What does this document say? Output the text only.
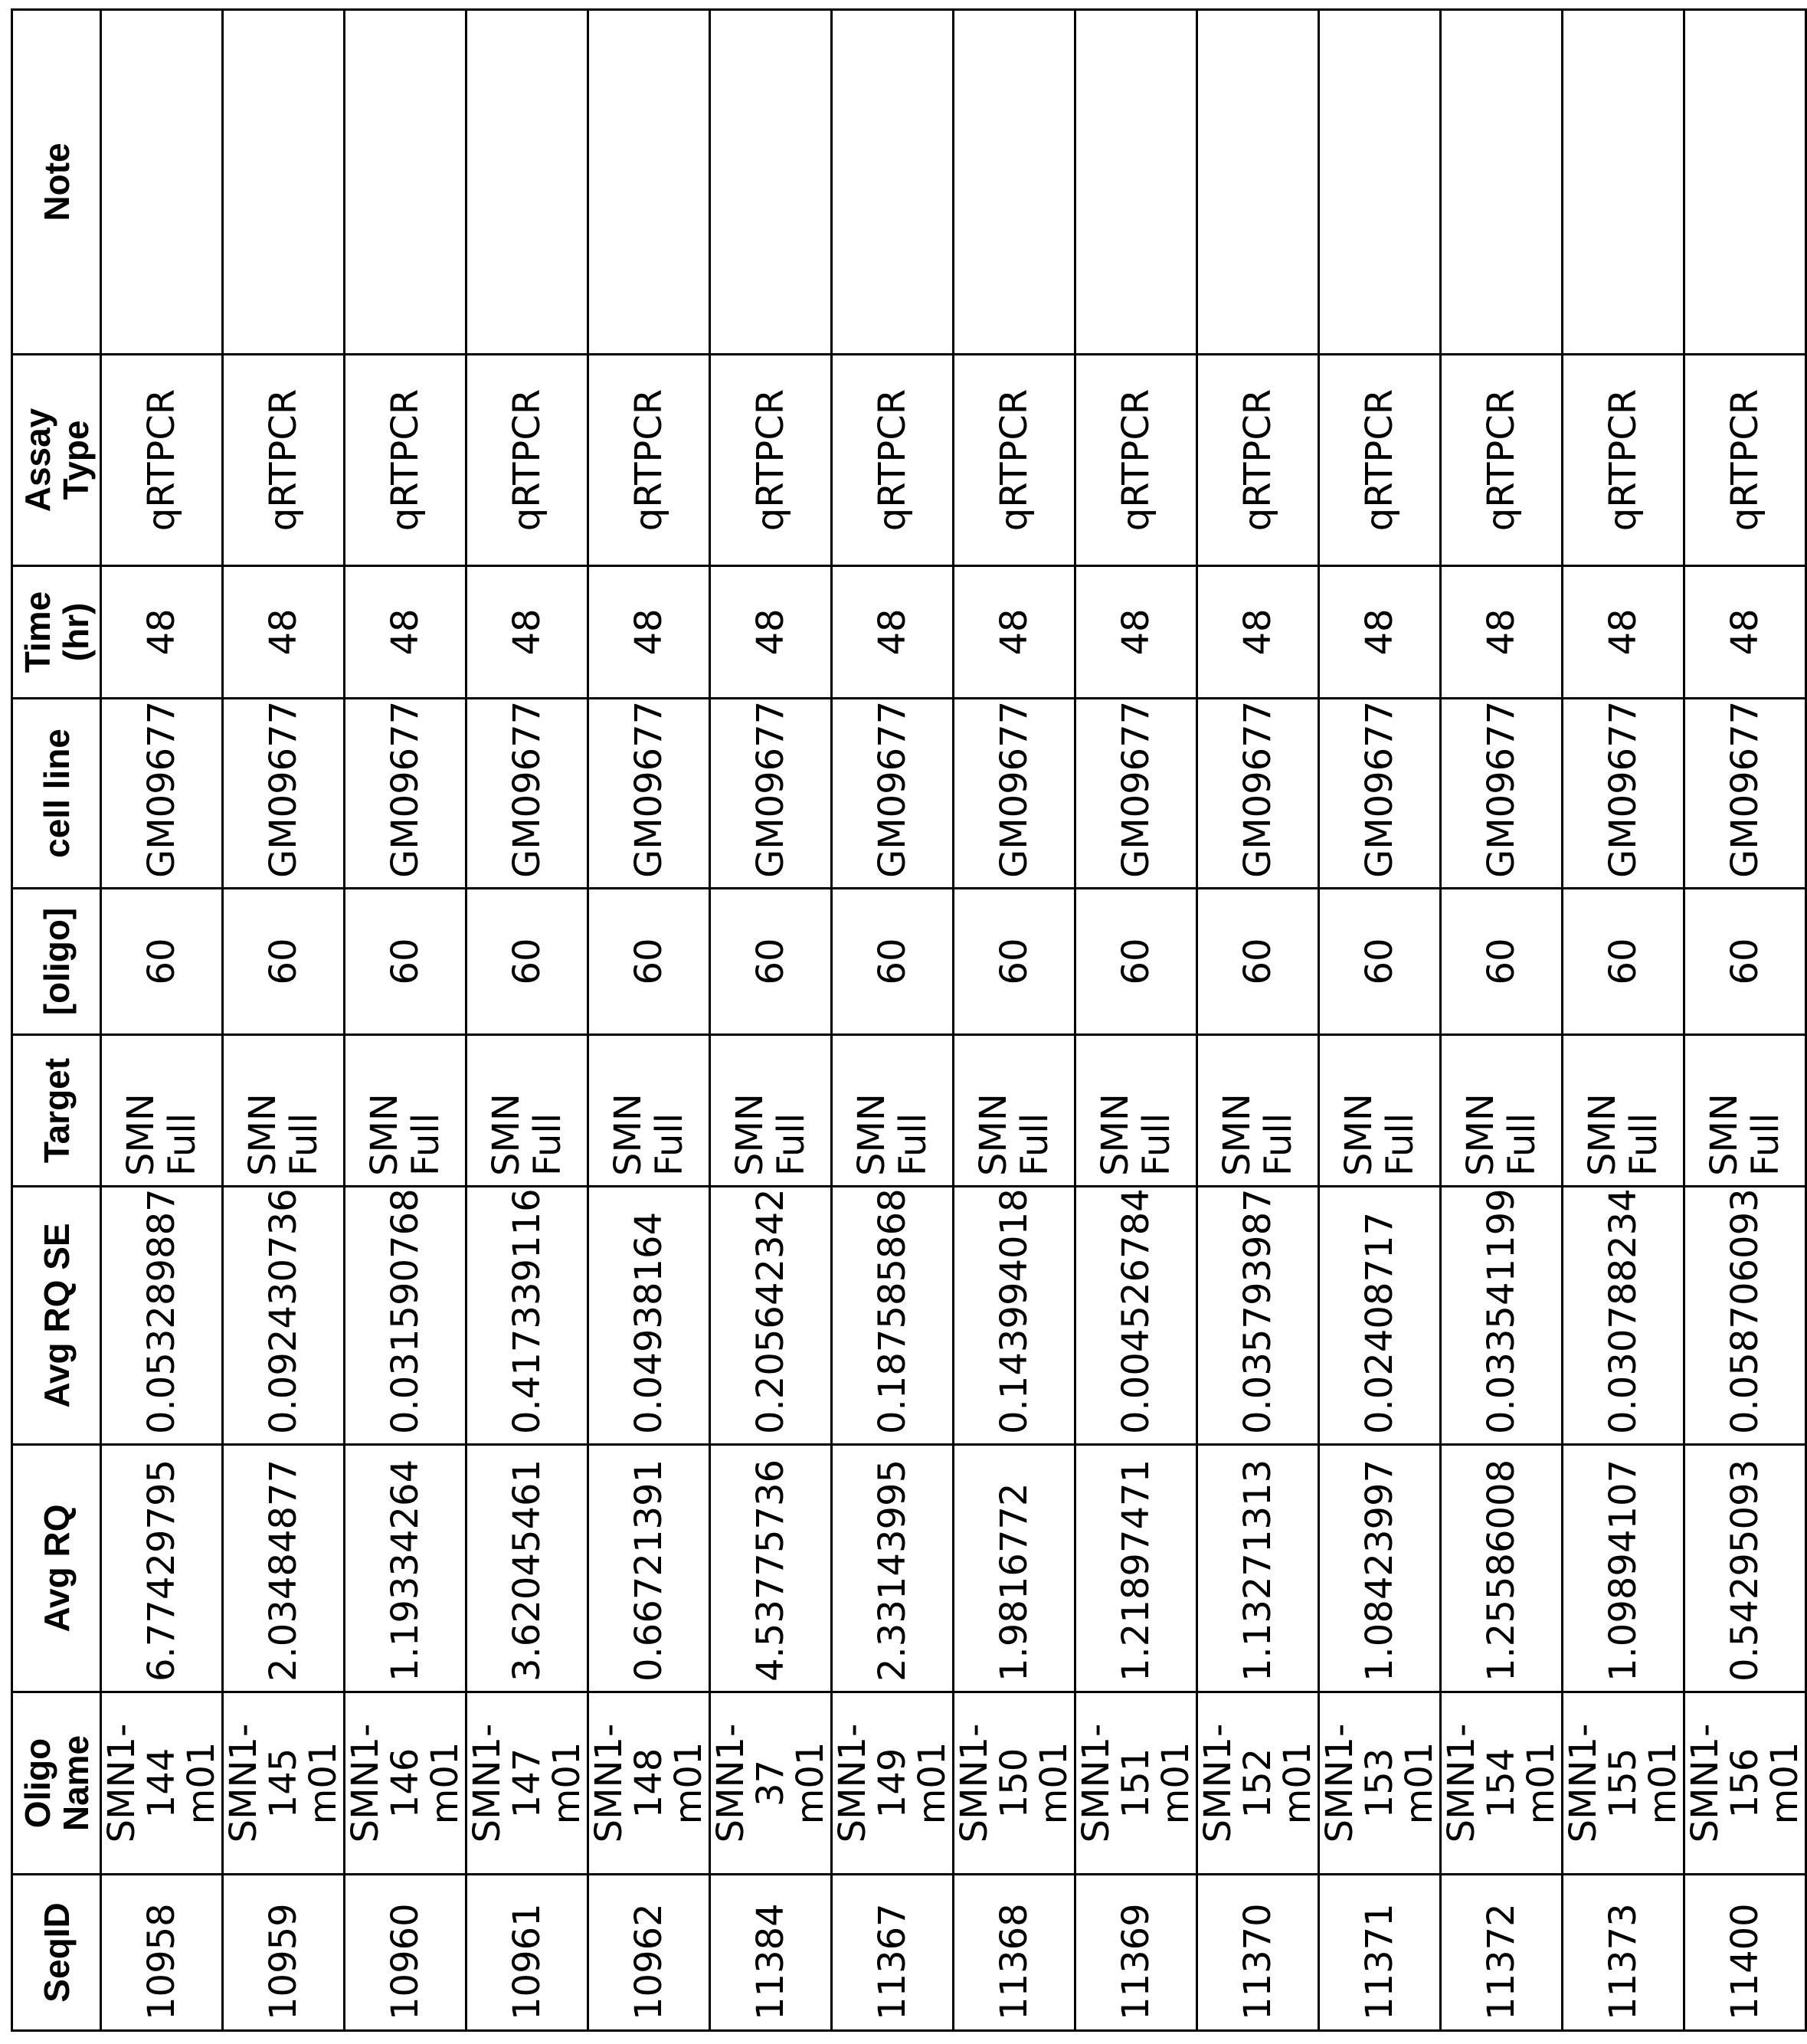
SeqID	Oligo Name	Avg RQ	Avg RQ SE	Target	[oligo]	cell line	Time (hr)	Assay Type	Note
10958	
SMN1-144
m01
	6.77429795	0.053289887	SMN Full	60	GM09677	48	qRTPCR	
10959	
SMN1-145
m01
	2.03484877	0.092430736	SMN Full	60	GM09677	48	qRTPCR	
10960	
SMN1-146
m01
	1.19334264	0.031590768	SMN Full	60	GM09677	48	qRTPCR	
10961	
SMN1-147
m01
	3.62045461	0.417339116	SMN Full	60	GM09677	48	qRTPCR	
10962	
SMN1-148
m01
	0.66721391	0.04938164	SMN Full	60	GM09677	48	qRTPCR	
11384	
SMN1-37
m01
	4.53775736	0.205642342	SMN Full	60	GM09677	48	qRTPCR	
11367	
SMN1-149
m01
	2.33143995	0.187585868	SMN Full	60	GM09677	48	qRTPCR	
11368	
SMN1-150
m01
	1.9816772	0.143994018	SMN Full	60	GM09677	48	qRTPCR	
11369	
SMN1-151
m01
	1.21897471	0.004526784	SMN Full	60	GM09677	48	qRTPCR	
11370	
SMN1-152
m01
	1.13271313	0.035793987	SMN Full	60	GM09677	48	qRTPCR	
11371	
SMN1-153
m01
	1.08423997	0.02408717	SMN Full	60	GM09677	48	qRTPCR	
11372	
SMN1-154
m01
	1.25586008	0.033541199	SMN Full	60	GM09677	48	qRTPCR	
11373	
SMN1-155
m01
	1.09894107	0.030788234	SMN Full	60	GM09677	48	qRTPCR	
11400	
SMN1-156
m01
	0.54295093	0.058706093	SMN Full	60	GM09677	48	qRTPCR	
